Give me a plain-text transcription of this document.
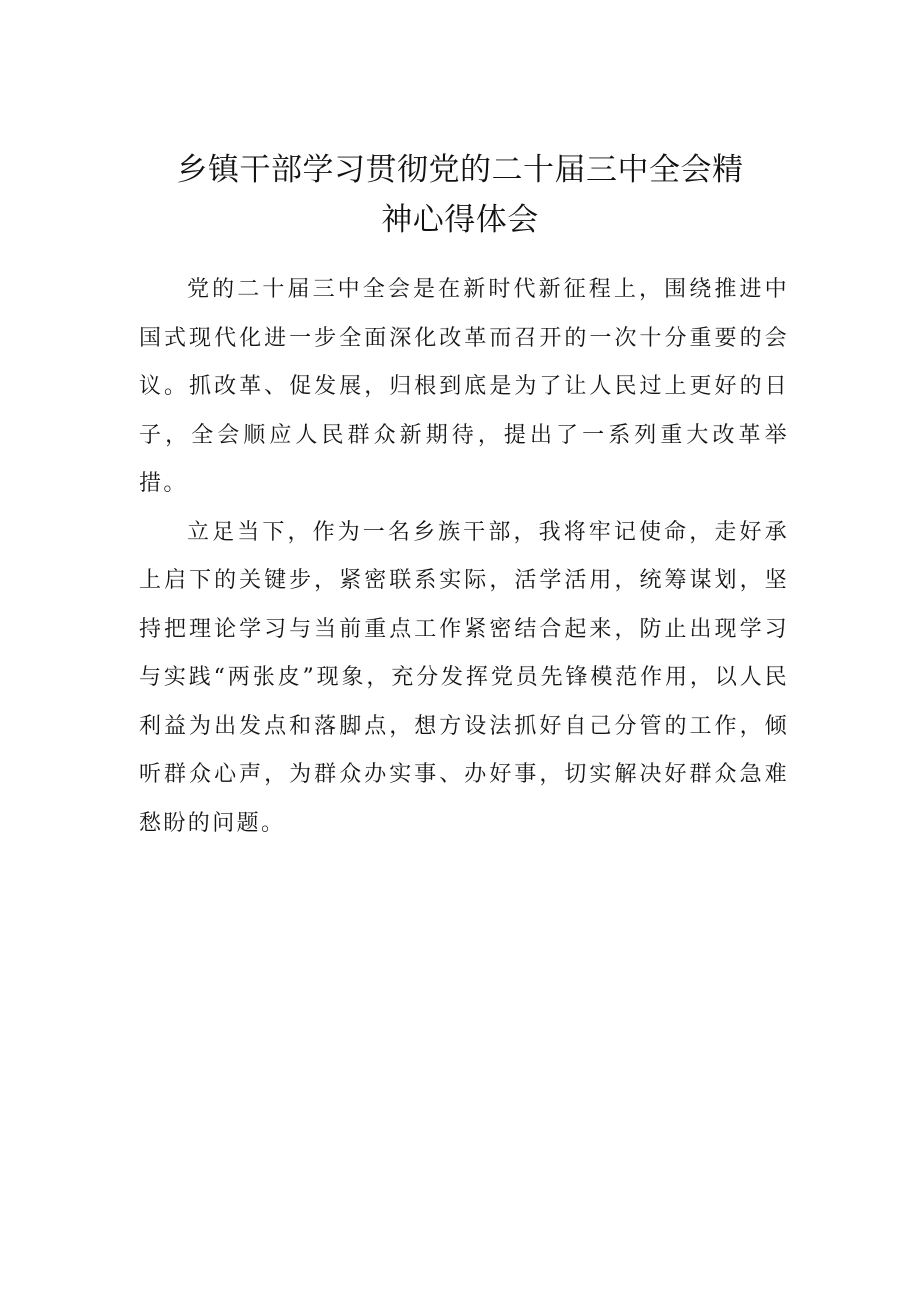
乡镇干部学习贯彻党的二十届三中全会精
神心得体会

党的二十届三中全会是在新时代新征程上，围绕推进中国式现代化进一步全面深化改革而召开的一次十分重要的会议。抓改革、促发展，归根到底是为了让人民过上更好的日子，全会顺应人民群众新期待，提出了一系列重大改革举措。

立足当下，作为一名乡族干部，我将牢记使命，走好承上启下的关键步，紧密联系实际，活学活用，统筹谋划，坚持把理论学习与当前重点工作紧密结合起来，防止出现学习与实践“两张皮”现象，充分发挥党员先锋模范作用，以人民利益为出发点和落脚点，想方设法抓好自己分管的工作，倾听群众心声，为群众办实事、办好事，切实解决好群众急难愁盼的问题。
